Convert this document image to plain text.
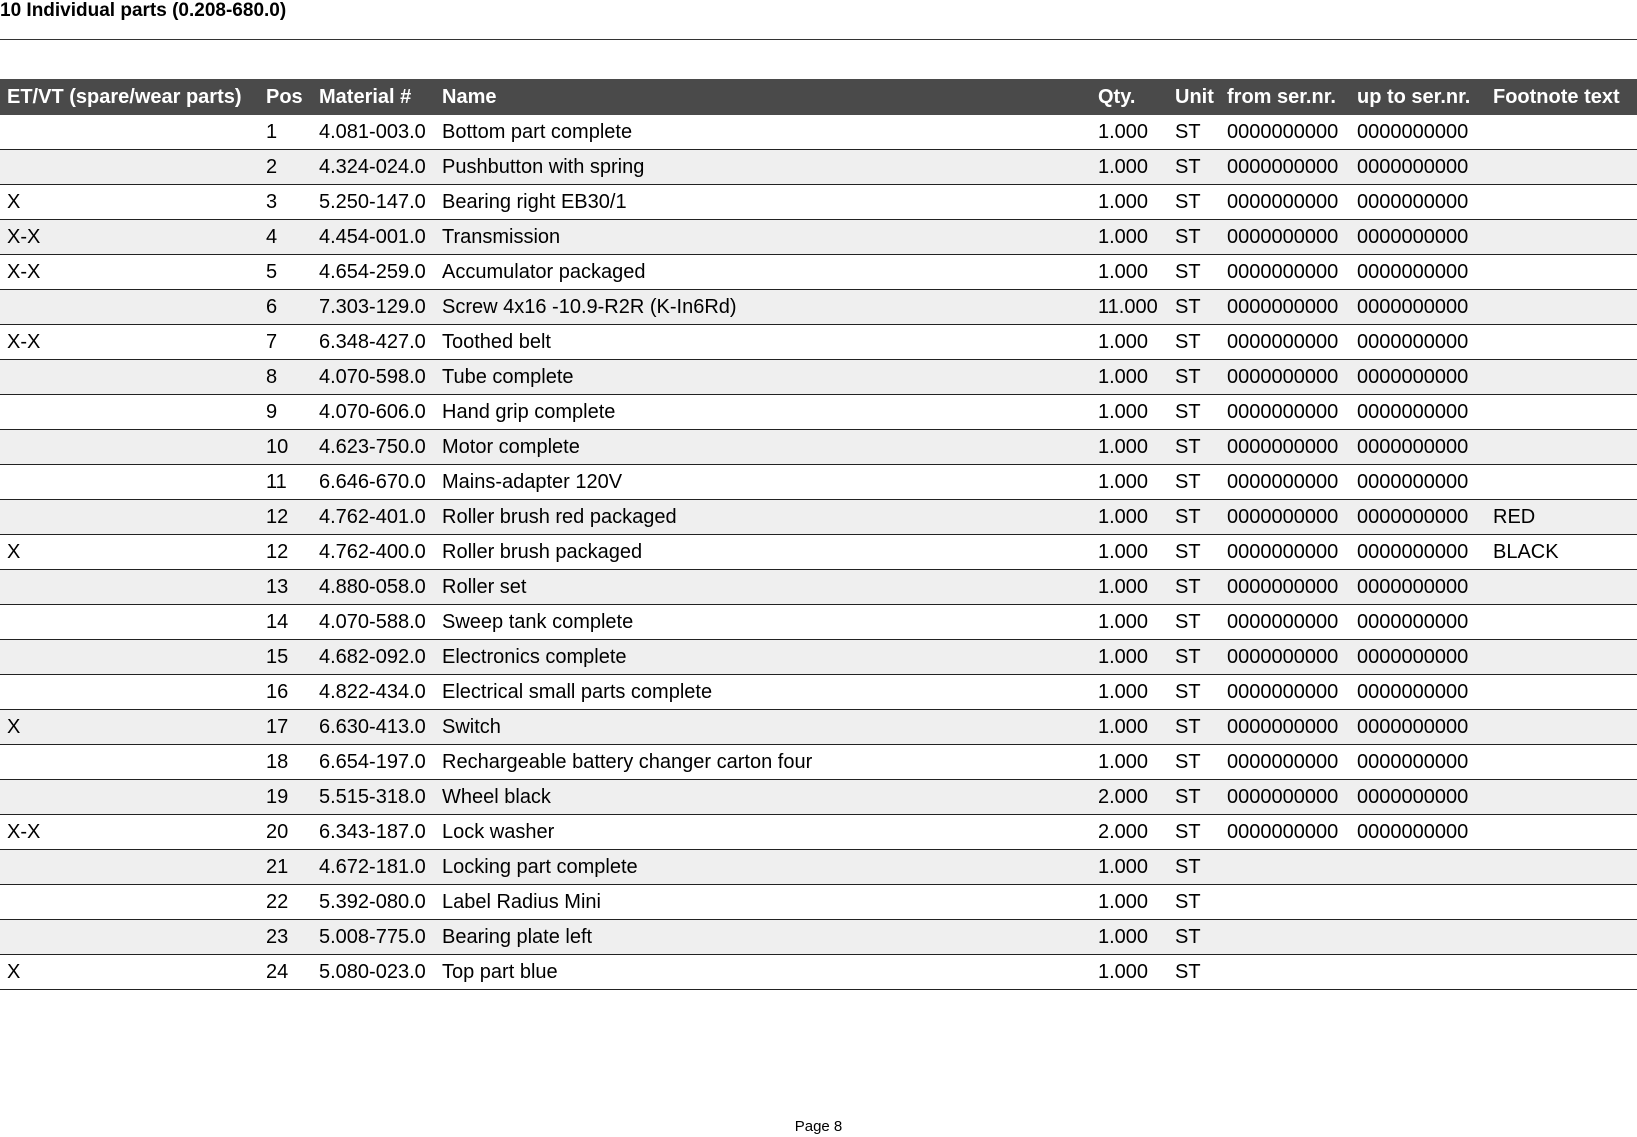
10 Individual parts (0.208-680.0)
ET/VT (spare/wear parts)	Pos	Material #	Name	Qty.	Unit	from ser.nr.	up to ser.nr.	Footnote text
	1	4.081-003.0	Bottom part complete	1.000	ST	0000000000	0000000000	
	2	4.324-024.0	Pushbutton with spring	1.000	ST	0000000000	0000000000	
X	3	5.250-147.0	Bearing right EB30/1	1.000	ST	0000000000	0000000000	
X-X	4	4.454-001.0	Transmission	1.000	ST	0000000000	0000000000	
X-X	5	4.654-259.0	Accumulator packaged	1.000	ST	0000000000	0000000000	
	6	7.303-129.0	Screw 4x16 -10.9-R2R (K-In6Rd)	11.000	ST	0000000000	0000000000	
X-X	7	6.348-427.0	Toothed belt	1.000	ST	0000000000	0000000000	
	8	4.070-598.0	Tube complete	1.000	ST	0000000000	0000000000	
	9	4.070-606.0	Hand grip complete	1.000	ST	0000000000	0000000000	
	10	4.623-750.0	Motor complete	1.000	ST	0000000000	0000000000	
	11	6.646-670.0	Mains-adapter 120V	1.000	ST	0000000000	0000000000	
	12	4.762-401.0	Roller brush red packaged	1.000	ST	0000000000	0000000000	RED
X	12	4.762-400.0	Roller brush packaged	1.000	ST	0000000000	0000000000	BLACK
	13	4.880-058.0	Roller set	1.000	ST	0000000000	0000000000	
	14	4.070-588.0	Sweep tank complete	1.000	ST	0000000000	0000000000	
	15	4.682-092.0	Electronics complete	1.000	ST	0000000000	0000000000	
	16	4.822-434.0	Electrical small parts complete	1.000	ST	0000000000	0000000000	
X	17	6.630-413.0	Switch	1.000	ST	0000000000	0000000000	
	18	6.654-197.0	Rechargeable battery changer carton four	1.000	ST	0000000000	0000000000	
	19	5.515-318.0	Wheel black	2.000	ST	0000000000	0000000000	
X-X	20	6.343-187.0	Lock washer	2.000	ST	0000000000	0000000000	
	21	4.672-181.0	Locking part complete	1.000	ST			
	22	5.392-080.0	Label Radius Mini	1.000	ST			
	23	5.008-775.0	Bearing plate left	1.000	ST			
X	24	5.080-023.0	Top part blue	1.000	ST			
Page 8
